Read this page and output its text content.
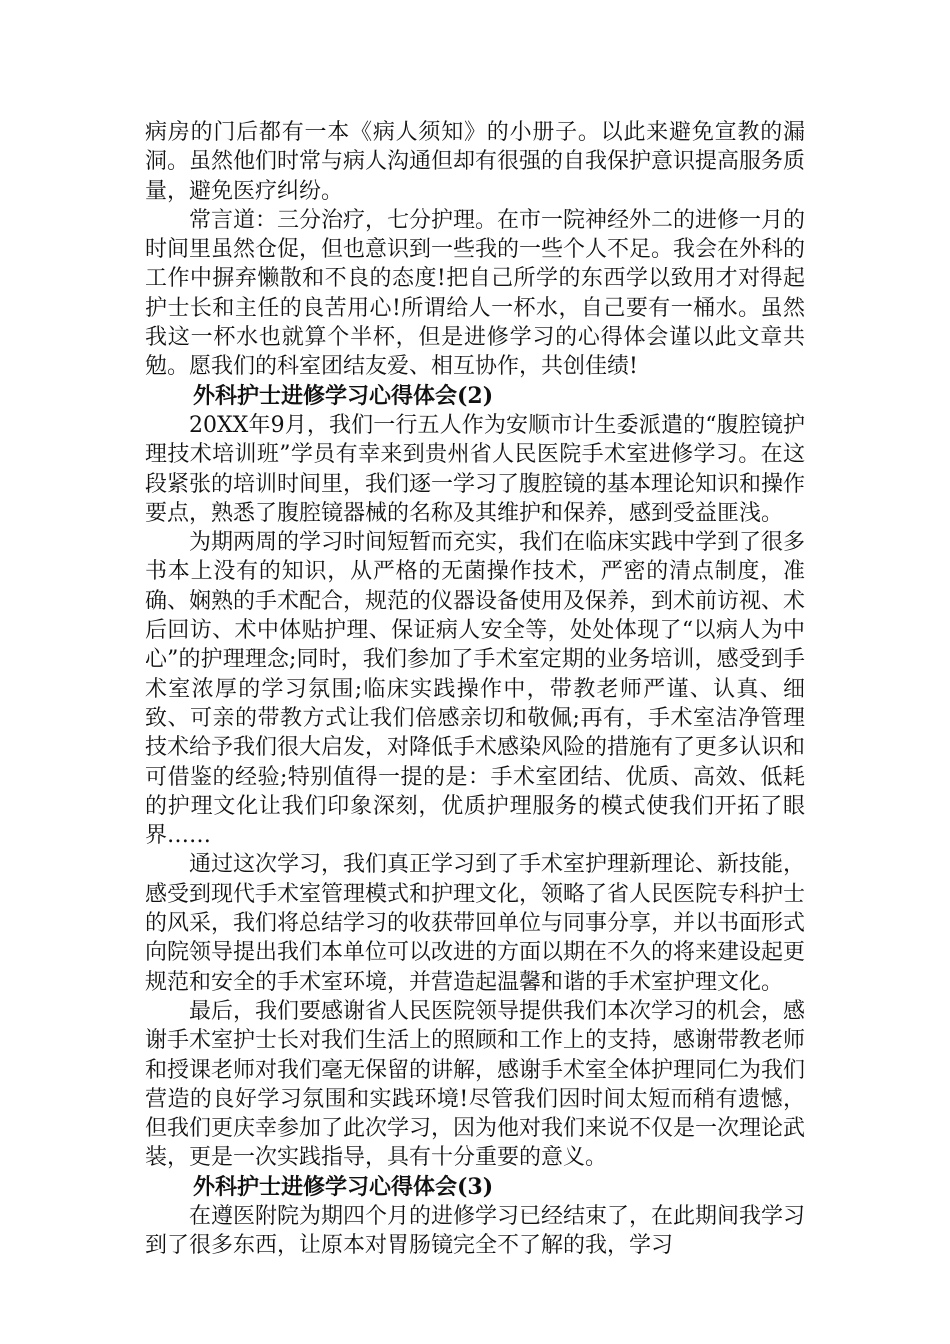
病房的门后都有一本《病人须知》的小册子。以此来避免宣教的漏洞。虽然他们时常与病人沟通但却有很强的自我保护意识提高服务质量，避免医疗纠纷。

常言道：三分治疗，七分护理。在市一院神经外二的进修一月的时间里虽然仓促，但也意识到一些我的一些个人不足。我会在外科的工作中摒弃懒散和不良的态度!把自己所学的东西学以致用才对得起护士长和主任的良苦用心!所谓给人一杯水，自己要有一桶水。虽然我这一杯水也就算个半杯，但是进修学习的心得体会谨以此文章共勉。愿我们的科室团结友爱、相互协作，共创佳绩!

外科护士进修学习心得体会(2)

20XX年9月，我们一行五人作为安顺市计生委派遣的“腹腔镜护理技术培训班”学员有幸来到贵州省人民医院手术室进修学习。在这段紧张的培训时间里，我们逐一学习了腹腔镜的基本理论知识和操作要点，熟悉了腹腔镜器械的名称及其维护和保养，感到受益匪浅。

为期两周的学习时间短暂而充实，我们在临床实践中学到了很多书本上没有的知识，从严格的无菌操作技术，严密的清点制度，准确、娴熟的手术配合，规范的仪器设备使用及保养，到术前访视、术后回访、术中体贴护理、保证病人安全等，处处体现了“以病人为中心”的护理理念;同时，我们参加了手术室定期的业务培训，感受到手术室浓厚的学习氛围;临床实践操作中，带教老师严谨、认真、细致、可亲的带教方式让我们倍感亲切和敬佩;再有，手术室洁净管理技术给予我们很大启发，对降低手术感染风险的措施有了更多认识和可借鉴的经验;特别值得一提的是：手术室团结、优质、高效、低耗的护理文化让我们印象深刻，优质护理服务的模式使我们开拓了眼界……

通过这次学习，我们真正学习到了手术室护理新理论、新技能，感受到现代手术室管理模式和护理文化，领略了省人民医院专科护士的风采，我们将总结学习的收获带回单位与同事分享，并以书面形式向院领导提出我们本单位可以改进的方面以期在不久的将来建设起更规范和安全的手术室环境，并营造起温馨和谐的手术室护理文化。

最后，我们要感谢省人民医院领导提供我们本次学习的机会，感谢手术室护士长对我们生活上的照顾和工作上的支持，感谢带教老师和授课老师对我们毫无保留的讲解，感谢手术室全体护理同仁为我们营造的良好学习氛围和实践环境!尽管我们因时间太短而稍有遗憾，但我们更庆幸参加了此次学习，因为他对我们来说不仅是一次理论武装，更是一次实践指导，具有十分重要的意义。

外科护士进修学习心得体会(3)

在遵医附院为期四个月的进修学习已经结束了，在此期间我学习到了很多东西，让原本对胃肠镜完全不了解的我，学习
